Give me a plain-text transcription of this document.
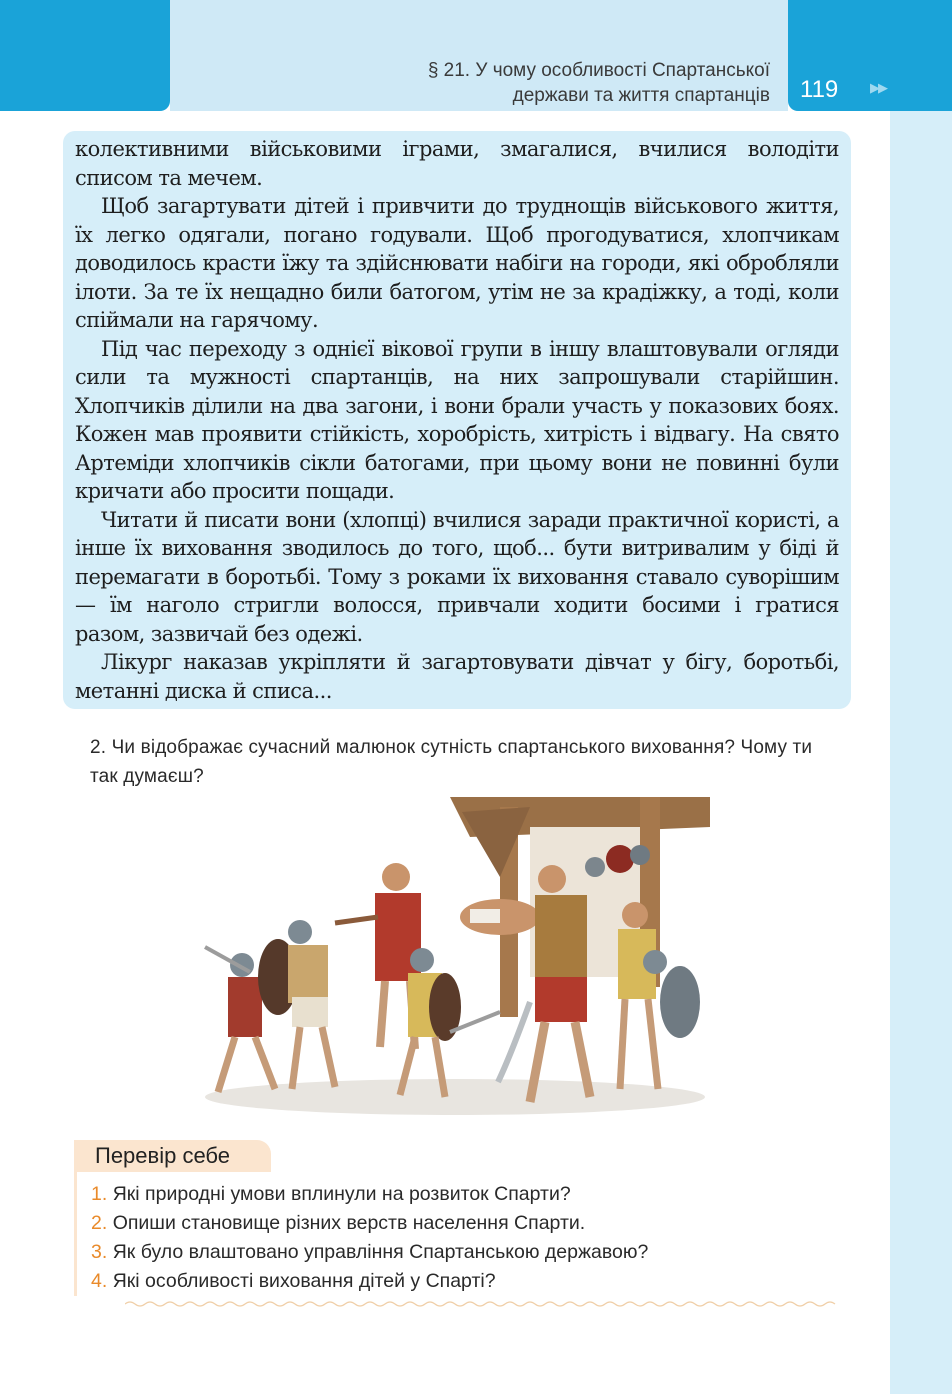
§ 21. У чому особливості Спартанської
держави та життя спартанців 119 ▶▶

колективними військовими іграми, змагалися, вчилися володіти списом та мечем.

Щоб загартувати дітей і привчити до труднощів військового життя, їх легко одягали, погано годували. Щоб прогодуватися, хлопчикам доводилось красти їжу та здійснювати набіги на городи, які обробляли ілоти. За те їх нещадно били батогом, утім не за крадіжку, а тоді, коли спіймали на гарячому.

Під час переходу з однієї вікової групи в іншу влаштовували огляди сили та мужності спартанців, на них запрошували старійшин. Хлопчиків ділили на два загони, і вони брали участь у показових боях. Кожен мав проявити стійкість, хоробрість, хитрість і відвагу. На свято Артеміди хлопчиків сікли батогами, при цьому вони не повинні були кричати або просити пощади.

Читати й писати вони (хлопці) вчилися заради практичної користі, а інше їх виховання зводилось до того, щоб... бути витривалим у біді й перемагати в боротьбі. Тому з роками їх виховання ставало суворішим — їм наголо стригли волосся, привчали ходити босими і гратися разом, зазвичай без одежі.

Лікург наказав укріпляти й загартовувати дівчат у бігу, боротьбі, метанні диска й списа...

2. Чи відображає сучасний малюнок сутність спартанського виховання? Чому ти так думаєш?
Перевір себе
1. Які природні умови вплинули на розвиток Спарти?
2. Опиши становище різних верств населення Спарти.
3. Як було влаштовано управління Спартанською державою?
4. Які особливості виховання дітей у Спарті?
